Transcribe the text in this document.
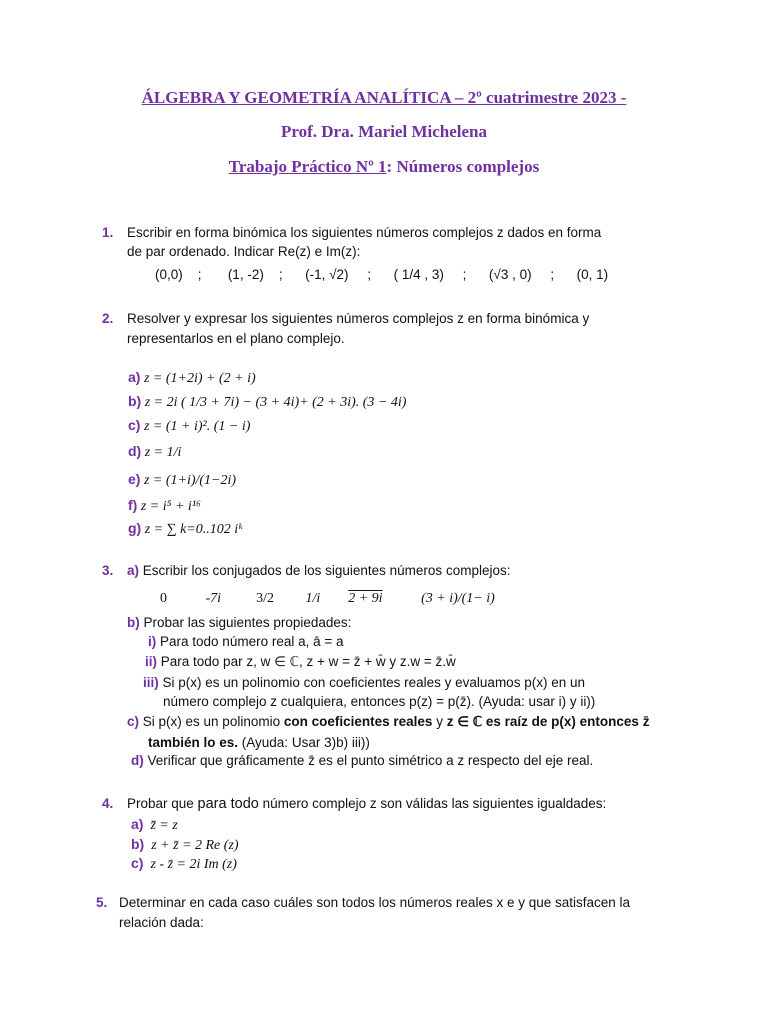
ÁLGEBRA Y GEOMETRÍA ANALÍTICA – 2º cuatrimestre 2023 -
Prof. Dra. Mariel Michelena
Trabajo Práctico Nº 1: Números complejos
1. Escribir en forma binómica los siguientes números complejos z dados en forma
de par ordenado. Indicar Re(z) e Im(z):
(0,0) ; (1, -2) ; (-1, √2) ; ( 1/4 , 3) ; (√3 , 0) ; (0, 1)
2. Resolver y expresar los siguientes números complejos z en forma binómica y
representarlos en el plano complejo.
a) z = (1+2i) + (2 + i)
b) z = 2i ( 1/3 + 7i) − (3 + 4i)+ (2 + 3i). (3 − 4i)
c) z = (1 + i)². (1 − i)
d) z = 1/i
e) z = (1+i)/(1−2i)
f) z = i⁵ + i¹⁶
g) z = ∑ k=0..102 iᵏ
3. a) Escribir los conjugados de los siguientes números complejos:
0	-7i	3/2 1/i 2 + 9i	(3 + i)/(1− i)
b) Probar las siguientes propiedades:
i) Para todo número real a, ā = a
ii) Para todo par z, w ∈ ℂ, z + w = z̄ + w̄ y z.w = z̄.w̄
iii) Si p(x) es un polinomio con coeficientes reales y evaluamos p(x) en un
número complejo z cualquiera, entonces p(z) = p(z̄). (Ayuda: usar i) y ii))
c) Si p(x) es un polinomio con coeficientes reales y z ∈ ℂ es raíz de p(x) entonces z̄
también lo es. (Ayuda: Usar 3)b) iii))
d) Verificar que gráficamente z̄ es el punto simétrico a z respecto del eje real.
4. Probar que para todo número complejo z son válidas las siguientes igualdades:
a) z̄̄ = z
b) z + z̄ = 2 Re (z)
c) z - z̄ = 2i Im (z)
5. Determinar en cada caso cuáles son todos los números reales x e y que satisfacen la
relación dada:
